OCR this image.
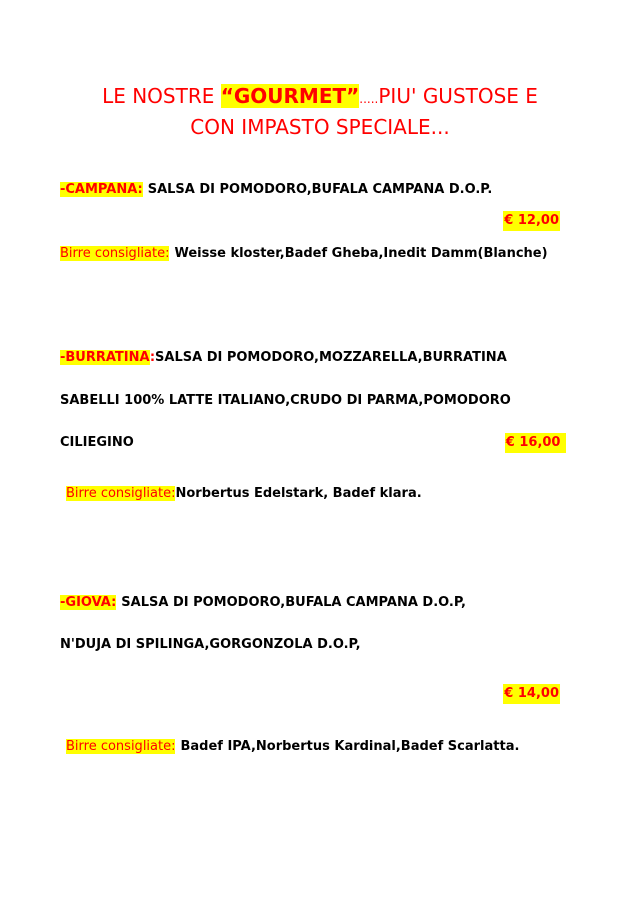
LE NOSTRE “GOURMET”.....PIU' GUSTOSE E
CON IMPASTO SPECIALE...
-CAMPANA: SALSA DI POMODORO,BUFALA CAMPANA D.O.P.
€ 12,00
Birre consigliate: Weisse kloster,Badef Gheba,Inedit Damm(Blanche)
-BURRATINA:SALSA DI POMODORO,MOZZARELLA,BURRATINA
SABELLI 100% LATTE ITALIANO,CRUDO DI PARMA,POMODORO
CILIEGINO	€ 16,00
Birre consigliate:Norbertus Edelstark, Badef klara.
-GIOVA: SALSA DI POMODORO,BUFALA CAMPANA D.O.P,
N'DUJA DI SPILINGA,GORGONZOLA D.O.P,
€ 14,00
Birre consigliate: Badef IPA,Norbertus Kardinal,Badef Scarlatta.
